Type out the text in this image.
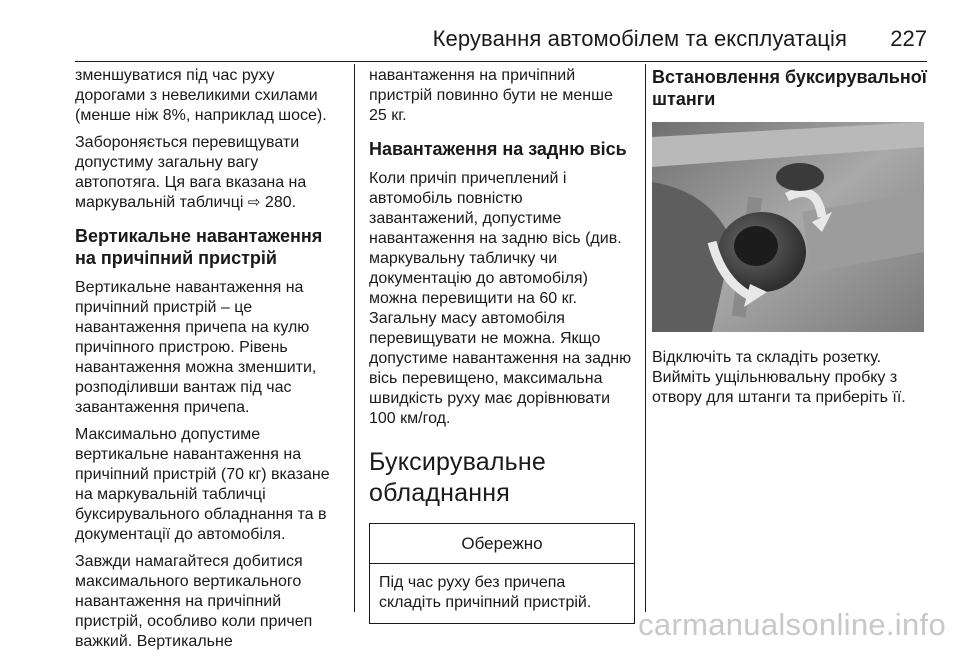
Керування автомобілем та експлуатація 227

зменшуватися під час руху дорогами з невеликими схилами (менше ніж 8%, наприклад шосе).

Забороняється перевищувати допустиму загальну вагу автопотяга. Ця вага вказана на маркувальній табличці ⇨ 280.

Вертикальне навантаження на причіпний пристрій

Вертикальне навантаження на причіпний пристрій – це навантаження причепа на кулю причіпного пристрою. Рівень навантаження можна зменшити, розподіливши вантаж під час завантаження причепа.

Максимально допустиме вертикальне навантаження на причіпний пристрій (70 кг) вказане на маркувальній табличці буксирувального обладнання та в документації до автомобіля.

Завжди намагайтеся добитися максимального вертикального навантаження на причіпний пристрій, особливо коли причеп важкий. Вертикальне

навантаження на причіпний пристрій повинно бути не менше 25 кг.

Навантаження на задню вісь

Коли причіп причеплений і автомобіль повністю завантажений, допустиме навантаження на задню вісь (див. маркувальну табличку чи документацію до автомобіля) можна перевищити на 60 кг. Загальну масу автомобіля перевищувати не можна. Якщо допустиме навантаження на задню вісь перевищено, максимальна швидкість руху має дорівнювати 100 км/год.

Буксирувальне обладнання
Обережно
Під час руху без причепа складіть причіпний пристрій.
Встановлення буксирувальної штанги

Відключіть та складіть розетку. Вийміть ущільнювальну пробку з отвору для штанги та приберіть її.

carmanualsonline.info
